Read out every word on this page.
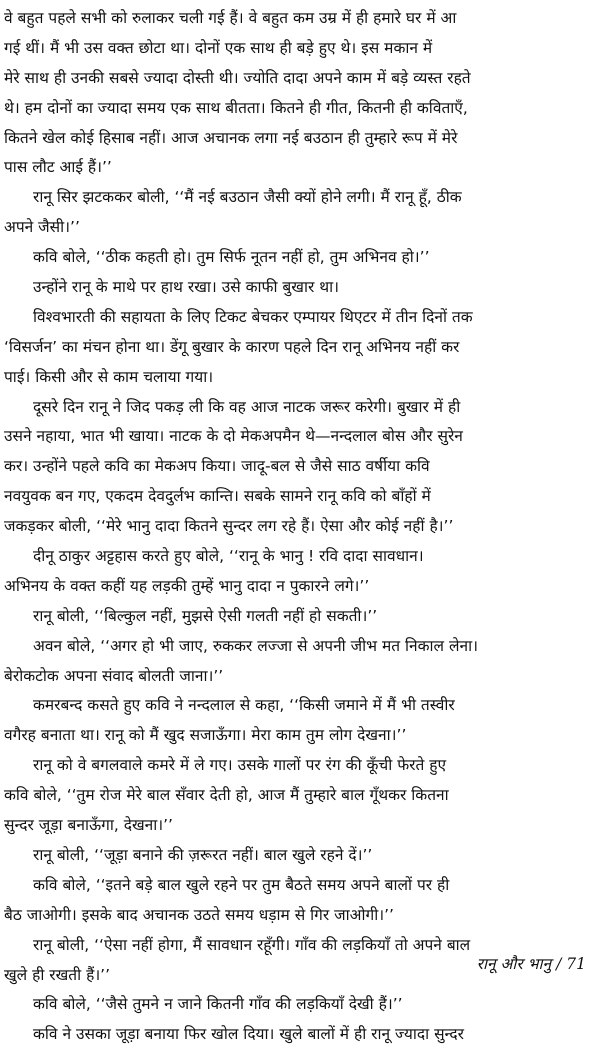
वे बहुत पहले सभी को रुलाकर चली गई हैं। वे बहुत कम उम्र में ही हमारे घर में आ
गई थीं। मैं भी उस वक्त छोटा था। दोनों एक साथ ही बड़े हुए थे। इस मकान में
मेरे साथ ही उनकी सबसे ज्यादा दोस्ती थी। ज्योति दादा अपने काम में बड़े व्यस्त रहते
थे। हम दोनों का ज्यादा समय एक साथ बीतता। कितने ही गीत, कितनी ही कविताएँ,
कितने खेल कोई हिसाब नहीं। आज अचानक लगा नई बउठान ही तुम्हारे रूप में मेरे
पास लौट आई हैं।’’
रानू सिर झटककर बोली, ‘‘मैं नई बउठान जैसी क्यों होने लगी। मैं रानू हूँ, ठीक
अपने जैसी।’’
कवि बोले, ‘‘ठीक कहती हो। तुम सिर्फ नूतन नहीं हो, तुम अभिनव हो।’’
उन्होंने रानू के माथे पर हाथ रखा। उसे काफी बुखार था।
विश्वभारती की सहायता के लिए टिकट बेचकर एम्पायर थिएटर में तीन दिनों तक
‘विसर्जन’ का मंचन होना था। डेंगू बुखार के कारण पहले दिन रानू अभिनय नहीं कर
पाई। किसी और से काम चलाया गया।
दूसरे दिन रानू ने जिद पकड़ ली कि वह आज नाटक जरूर करेगी। बुखार में ही
उसने नहाया, भात भी खाया। नाटक के दो मेकअपमैन थे—नन्दलाल बोस और सुरेन
कर। उन्होंने पहले कवि का मेकअप किया। जादू-बल से जैसे साठ वर्षीया कवि
नवयुवक बन गए, एकदम देवदुर्लभ कान्ति। सबके सामने रानू कवि को बाँहों में
जकड़कर बोली, ‘‘मेरे भानु दादा कितने सुन्दर लग रहे हैं। ऐसा और कोई नहीं है।’’
दीनू ठाकुर अट्टहास करते हुए बोले, ‘‘रानू के भानु ! रवि दादा सावधान।
अभिनय के वक्त कहीं यह लड़की तुम्हें भानु दादा न पुकारने लगे।’’
रानू बोली, ‘‘बिल्कुल नहीं, मुझसे ऐसी गलती नहीं हो सकती।’’
अवन बोले, ‘‘अगर हो भी जाए, रुककर लज्जा से अपनी जीभ मत निकाल लेना।
बेरोकटोक अपना संवाद बोलती जाना।’’
कमरबन्द कसते हुए कवि ने नन्दलाल से कहा, ‘‘किसी जमाने में मैं भी तस्वीर
वगैरह बनाता था। रानू को मैं खुद सजाऊँगा। मेरा काम तुम लोग देखना।’’
रानू को वे बगलवाले कमरे में ले गए। उसके गालों पर रंग की कूँची फेरते हुए
कवि बोले, ‘‘तुम रोज मेरे बाल सँवार देती हो, आज मैं तुम्हारे बाल गूँथकर कितना
सुन्दर जूड़ा बनाऊँगा, देखना।’’
रानू बोली, ‘‘जूड़ा बनाने की ज़रूरत नहीं। बाल खुले रहने दें।’’
कवि बोले, ‘‘इतने बड़े बाल खुले रहने पर तुम बैठते समय अपने बालों पर ही
बैठ जाओगी। इसके बाद अचानक उठते समय धड़ाम से गिर जाओगी।’’
रानू बोली, ‘‘ऐसा नहीं होगा, मैं सावधान रहूँगी। गाँव की लड़कियाँ तो अपने बाल
खुले ही रखती हैं।’’
कवि बोले, ‘‘जैसे तुमने न जाने कितनी गाँव की लड़कियाँ देखी हैं।’’
कवि ने उसका जूड़ा बनाया फिर खोल दिया। खुले बालों में ही रानू ज्यादा सुन्दर
रानू और भानु / 71
